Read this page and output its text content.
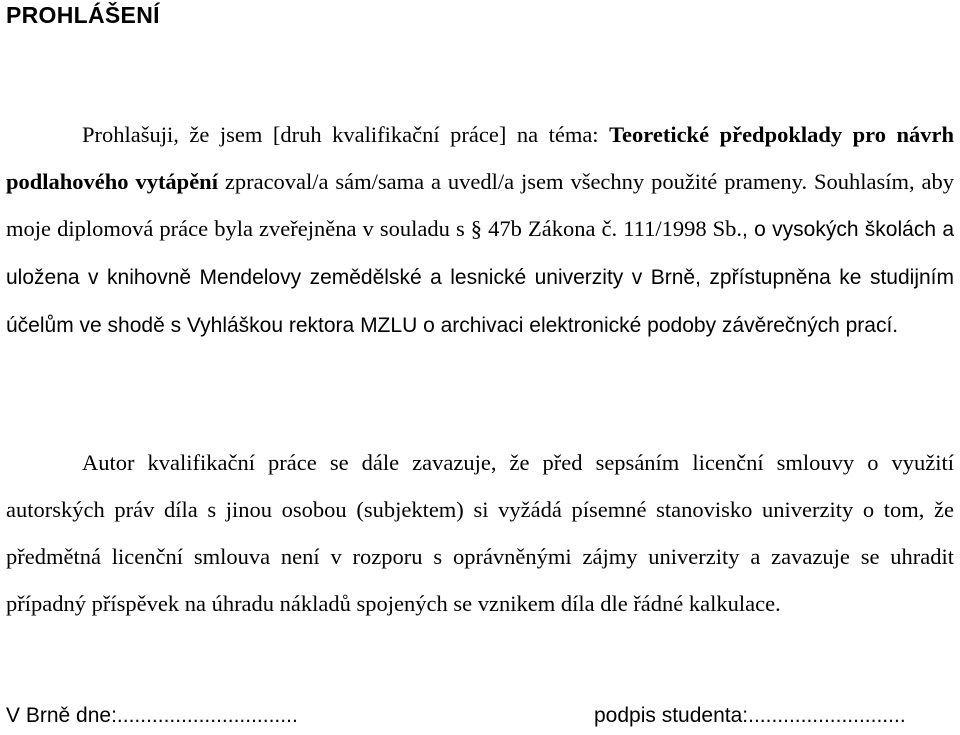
PROHLÁŠENÍ

Prohlašuji, že jsem [druh kvalifikační práce] na téma: Teoretické předpoklady pro návrh podlahového vytápění zpracoval/a sám/sama a uvedl/a jsem všechny použité prameny. Souhlasím, aby moje diplomová práce byla zveřejněna v souladu s § 47b Zákona č. 111/1998 Sb., o vysokých školách a uložena v knihovně Mendelovy zemědělské a lesnické univerzity v Brně, zpřístupněna ke studijním účelům ve shodě s Vyhláškou rektora MZLU o archivaci elektronické podoby závěrečných prací.

Autor kvalifikační práce se dále zavazuje, že před sepsáním licenční smlouvy o využití autorských práv díla s jinou osobou (subjektem) si vyžádá písemné stanovisko univerzity o tom, že předmětná licenční smlouva není v rozporu s oprávněnými zájmy univerzity a zavazuje se uhradit případný příspěvek na úhradu nákladů spojených se vznikem díla dle řádné kalkulace.

V Brně dne:...............................	podpis studenta:...........................
